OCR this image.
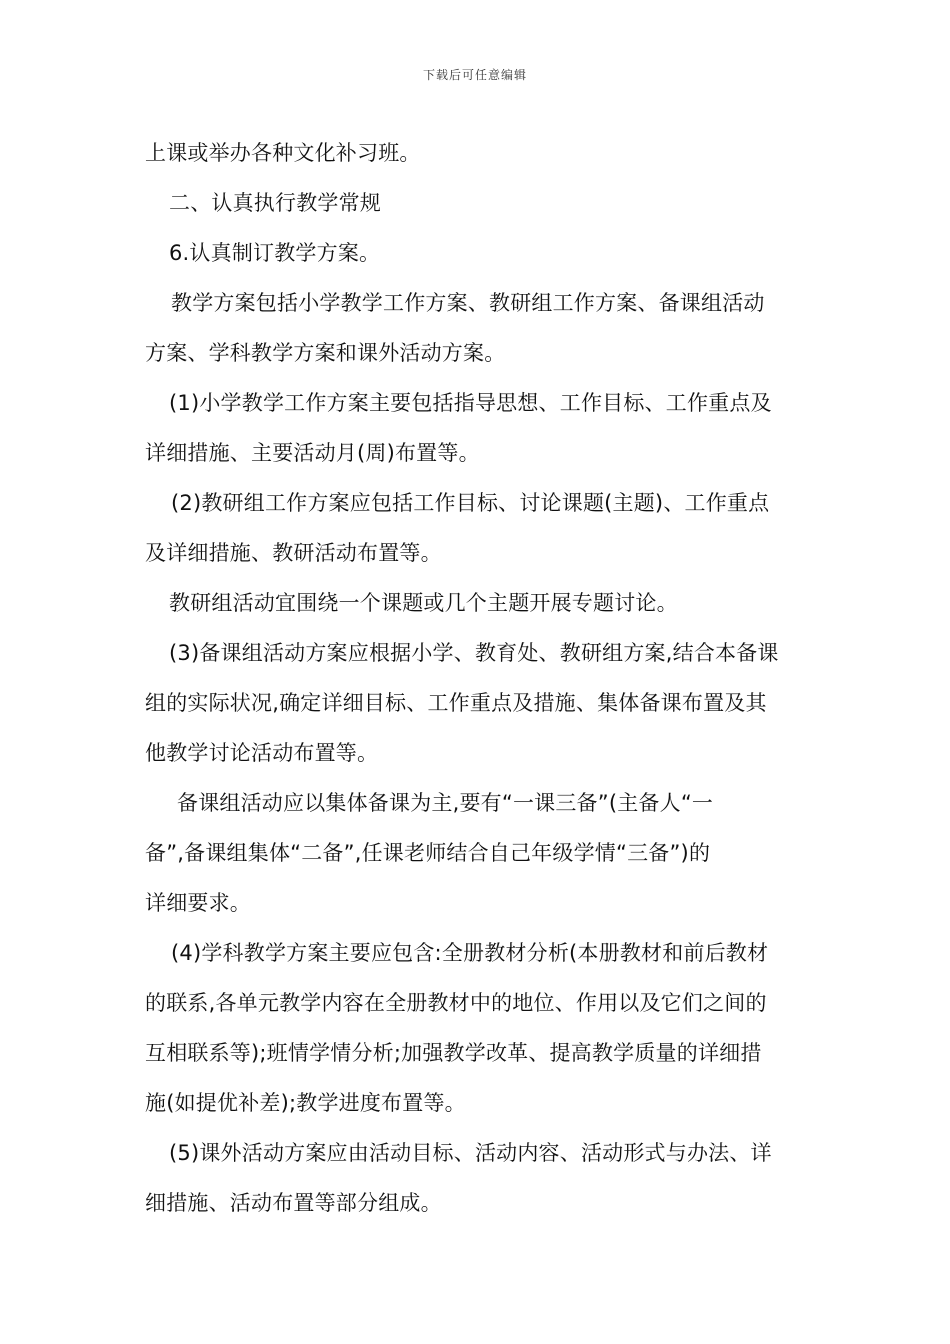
下载后可任意编辑
上课或举办各种文化补习班。
二、认真执行教学常规
6.认真制订教学方案。
教学方案包括小学教学工作方案、教研组工作方案、备课组活动
方案、学科教学方案和课外活动方案。
(1)小学教学工作方案主要包括指导思想、工作目标、工作重点及
详细措施、主要活动月(周)布置等。
(2)教研组工作方案应包括工作目标、讨论课题(主题)、工作重点
及详细措施、教研活动布置等。
教研组活动宜围绕一个课题或几个主题开展专题讨论。
(3)备课组活动方案应根据小学、教育处、教研组方案,结合本备课
组的实际状况,确定详细目标、工作重点及措施、集体备课布置及其
他教学讨论活动布置等。
备课组活动应以集体备课为主,要有“一课三备”(主备人“一
备”,备课组集体“二备”,任课老师结合自己年级学情“三备”)的
详细要求。
(4)学科教学方案主要应包含:全册教材分析(本册教材和前后教材
的联系,各单元教学内容在全册教材中的地位、作用以及它们之间的
互相联系等);班情学情分析;加强教学改革、提高教学质量的详细措
施(如提优补差);教学进度布置等。
(5)课外活动方案应由活动目标、活动内容、活动形式与办法、详
细措施、活动布置等部分组成。
